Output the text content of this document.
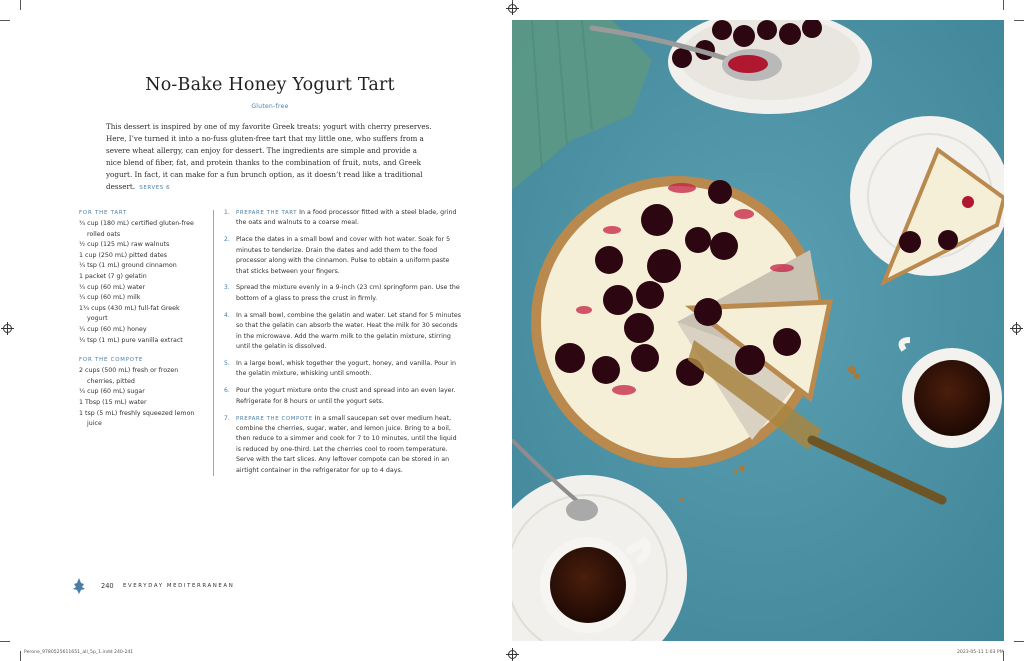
No-Bake Honey Yogurt Tart
Gluten-free
This dessert is inspired by one of my favorite Greek treats: yogurt with cherry preserves. Here, I’ve turned it into a no-fuss gluten-free tart that my little one, who suffers from a severe wheat allergy, can enjoy for dessert. The ingredients are simple and provide a nice blend of fiber, fat, and protein thanks to the combination of fruit, nuts, and Greek yogurt. In fact, it can make for a fun brunch option, as it doesn’t read like a traditional dessert. SERVES 6
FOR THE TART
¾ cup (180 mL) certified gluten-free rolled oats
½ cup (125 mL) raw walnuts
1 cup (250 mL) pitted dates
¼ tsp (1 mL) ground cinnamon
1 packet (7 g) gelatin
¼ cup (60 mL) water
¼ cup (60 mL) milk
1¾ cups (430 mL) full-fat Greek yogurt
¼ cup (60 mL) honey
¼ tsp (1 mL) pure vanilla extract
FOR THE COMPOTE
2 cups (500 mL) fresh or frozen cherries, pitted
¼ cup (60 mL) sugar
1 Tbsp (15 mL) water
1 tsp (5 mL) freshly squeezed lemon juice
1. PREPARE THE TART In a food processor fitted with a steel blade, grind the oats and walnuts to a coarse meal.
2. Place the dates in a small bowl and cover with hot water. Soak for 5 minutes to tenderize. Drain the dates and add them to the food processor along with the cinnamon. Pulse to obtain a uniform paste that sticks between your fingers.
3. Spread the mixture evenly in a 9-inch (23 cm) springform pan. Use the bottom of a glass to press the crust in firmly.
4. In a small bowl, combine the gelatin and water. Let stand for 5 minutes so that the gelatin can absorb the water. Heat the milk for 30 seconds in the microwave. Add the warm milk to the gelatin mixture, stirring until the gelatin is dissolved.
5. In a large bowl, whisk together the yogurt, honey, and vanilla. Pour in the gelatin mixture, whisking until smooth.
6. Pour the yogurt mixture onto the crust and spread into an even layer. Refrigerate for 8 hours or until the yogurt sets.
7. PREPARE THE COMPOTE In a small saucepan set over medium heat, combine the cherries, sugar, water, and lemon juice. Bring to a boil, then reduce to a simmer and cook for 7 to 10 minutes, until the liquid is reduced by one-third. Let the cherries cool to room temperature. Serve with the tart slices. Any leftover compote can be stored in an airtight container in the refrigerator for up to 4 days.
240 EVERYDAY MEDITERRANEAN
Perone_9780525611651_all_5p_1.indd 240-241	2023-05-11 1:03 PM
